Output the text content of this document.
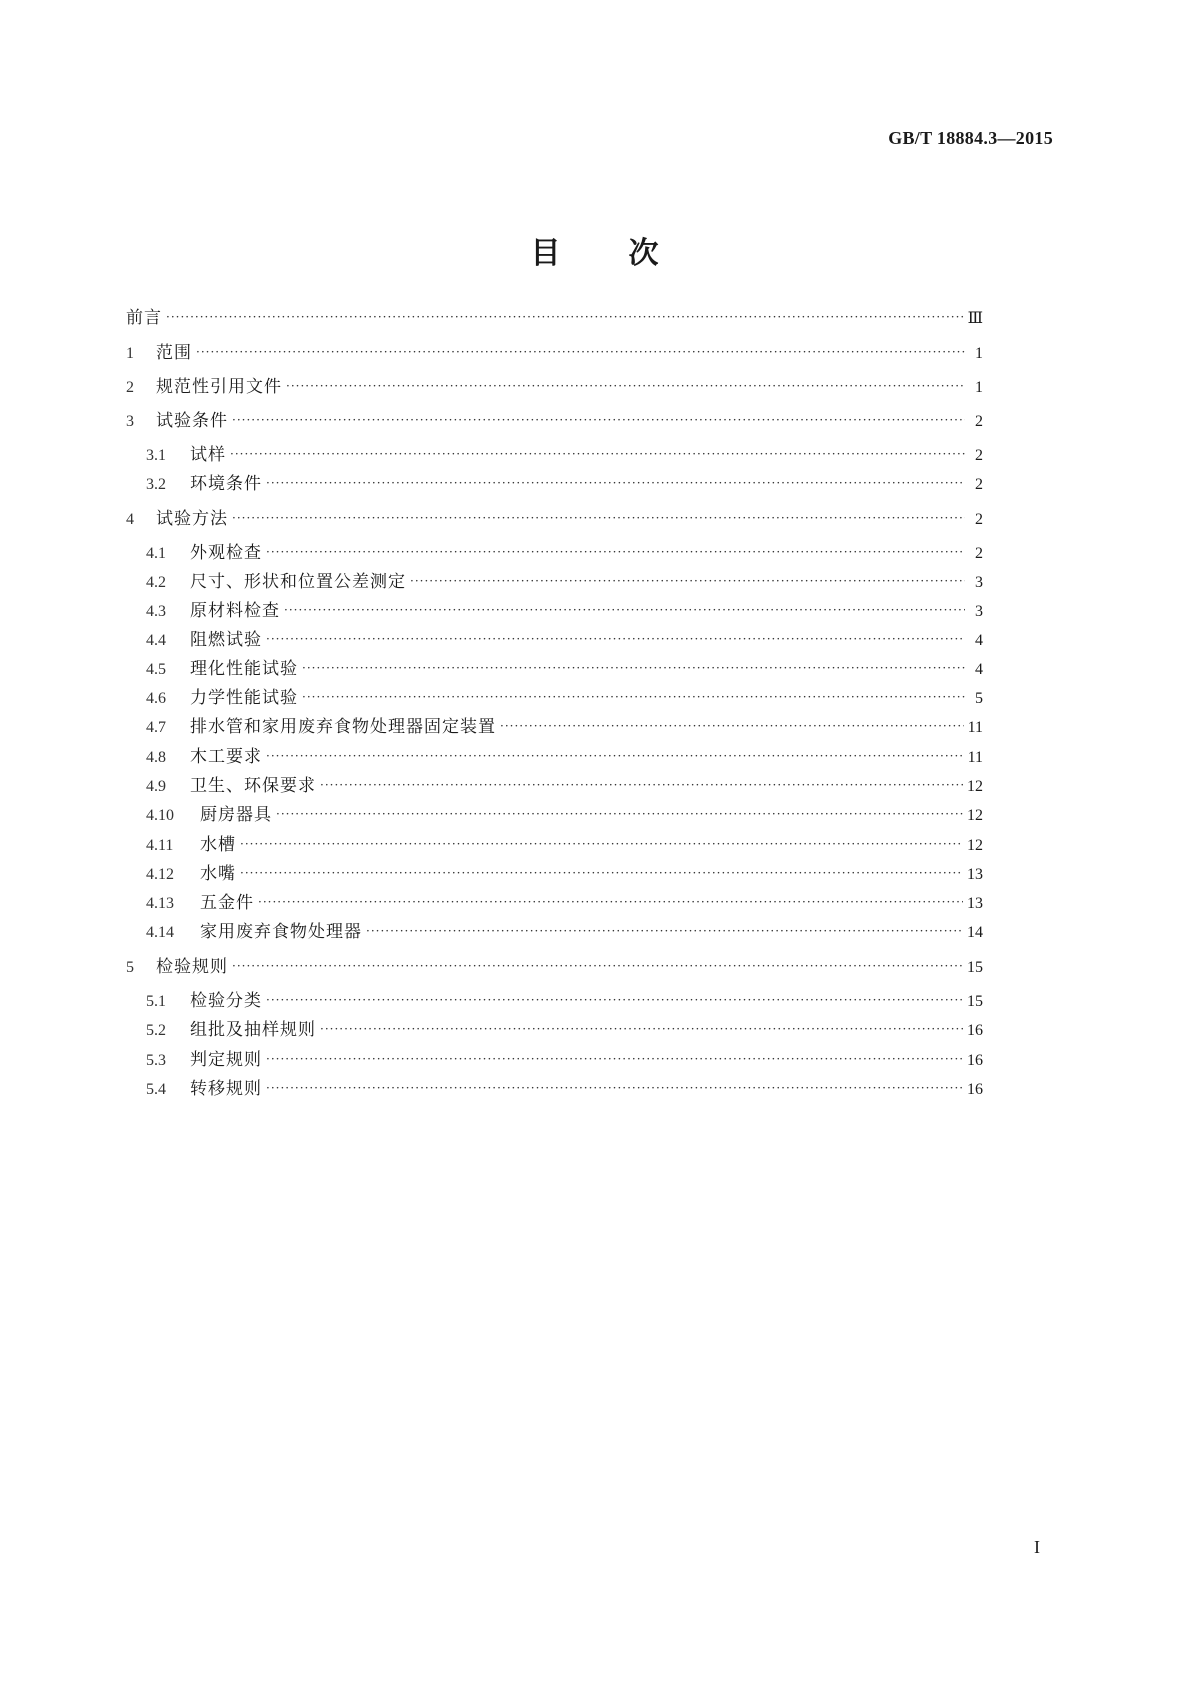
GB/T 18884.3—2015
目 次
前言 ·····	Ⅲ
1	范围 ·····	1
2	规范性引用文件 ·····	1
3	试验条件 ·····	2
3.1	试样 ·····	2
3.2	环境条件 ·····	2
4	试验方法 ·····	2
4.1	外观检查 ·····	2
4.2	尺寸、形状和位置公差测定 ·····	3
4.3	原材料检查 ·····	3
4.4	阻燃试验 ·····	4
4.5	理化性能试验 ·····	4
4.6	力学性能试验 ·····	5
4.7	排水管和家用废弃食物处理器固定装置 ·····	11
4.8	木工要求 ·····	11
4.9	卫生、环保要求 ·····	12
4.10	厨房器具 ·····	12
4.11	水槽 ·····	12
4.12	水嘴 ·····	13
4.13	五金件 ·····	13
4.14	家用废弃食物处理器 ·····	14
5	检验规则 ·····	15
5.1	检验分类 ·····	15
5.2	组批及抽样规则 ·····	16
5.3	判定规则 ·····	16
5.4	转移规则 ·····	16
I
